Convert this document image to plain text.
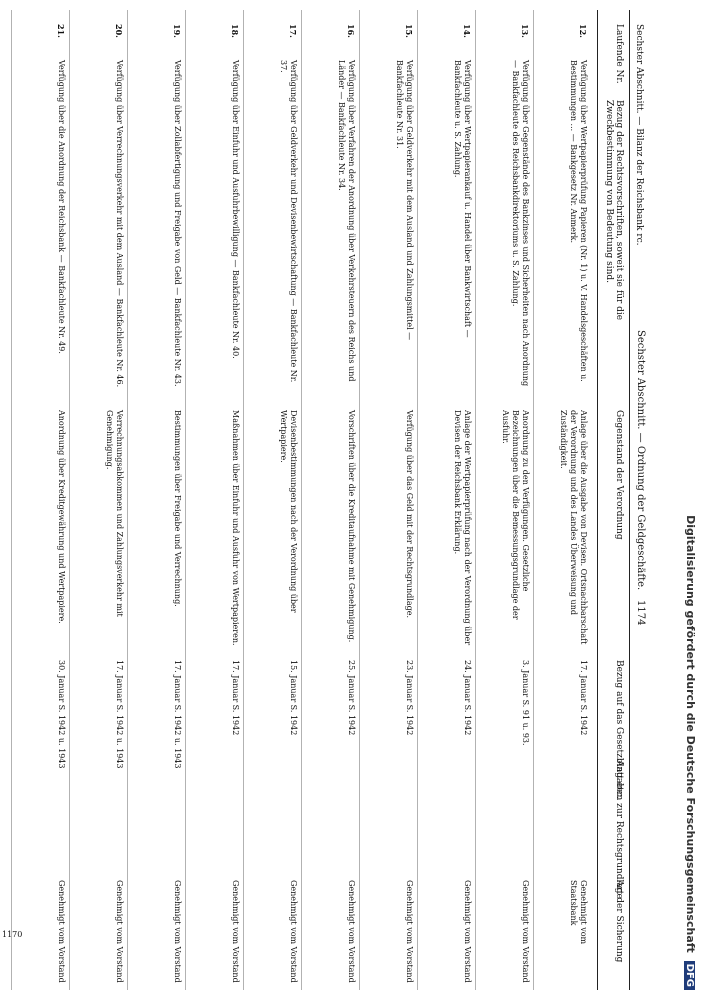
Sechster Abschnitt. — Bilanz der Reichsbank rc.
Sechster Abschnitt. — Ordnung der Geldgeschäfte.
1174
Laufende Nr.
Bezug der Rechtsvorschriften, soweit sie für die Zweckbestimmung von Bedeutung sind.
Gegenstand der Verordnung
Bezug auf das Gesetzblatt etc.
Angaben zur Rechtsgrundlage
Art der Sicherung
12.
Verfügung über Wertpapierprüfung Papieren (Nr. 1) u. V. Handelsgeschäften u. Bestimmungen ... — Bankgesetz Nr. Anmerk.
Anlage über die Ausgabe von Devisen. Ortsnachbarschaft der Verordnung und des Landes Überweisung und Zuständigkeit.
17. Januar S. 1942
Genehmigt vom Staatsbank
13.
Verfügung über Gegenstände des Bankzinses und Sicherheiten nach Anordnung — Bankfachleute des Reichsbankdirektoriums u. S. Zahlung.
Anordnung zu den Verfügungen. Gesetzliche Bezeichnungen über die Bemessungsgrundlage der Ausfuhr.
3. Januar S. 91 u. 93.
Genehmigt vom Vorstand
14.
Verfügung über Wertpapierankauf u. Handel über Bankwirtschaft — Bankfachleute u. S. Zahlung.
Anlage der Wertpapierprüfung nach der Verordnung über Devisen der Reichsbank Erklärung.
24. Januar S. 1942
Genehmigt vom Vorstand
15.
Verfügung über Geldverkehr mit dem Ausland und Zahlungsmittel — Bankfachleute Nr. 31.
Verfügung über das Geld mit der Rechtsgrundlage.
23. Januar S. 1942
Genehmigt vom Vorstand
16.
Verfügung über Verfahren der Anordnung über Verkehrsteuern des Reichs und Länder — Bankfachleute Nr. 34.
Vorschriften über die Kreditaufnahme mit Genehmigung.
25. Januar S. 1942
Genehmigt vom Vorstand
17.
Verfügung über Geldverkehr und Devisenbewirtschaftung — Bankfachleute Nr. 37.
Devisenbestimmungen nach der Verordnung über Wertpapiere.
15. Januar S. 1942
Genehmigt vom Vorstand
18.
Verfügung über Einfuhr und Ausfuhrbewilligung — Bankfachleute Nr. 40.
Maßnahmen über Einfuhr und Ausfuhr von Wertpapieren.
17. Januar S. 1942
Genehmigt vom Vorstand
19.
Verfügung über Zollabfertigung und Freigabe von Geld — Bankfachleute Nr. 43.
Bestimmungen über Freigabe und Verrechnung.
17. Januar S. 1942 u. 1943
Genehmigt vom Vorstand
20.
Verfügung über Verrechnungsverkehr mit dem Ausland — Bankfachleute Nr. 46.
Verrechnungsabkommen und Zahlungsverkehr mit Genehmigung.
17. Januar S. 1942 u. 1943
Genehmigt vom Vorstand
21.
Verfügung über die Anordnung der Reichsbank — Bankfachleute Nr. 49.
Anordnung über Kreditgewährung und Wertpapiere.
30. Januar S. 1942 u. 1943
Genehmigt vom Vorstand	Digitalisierung gefördert durch die Deutsche Forschungsgemeinschaft DFG
1170
